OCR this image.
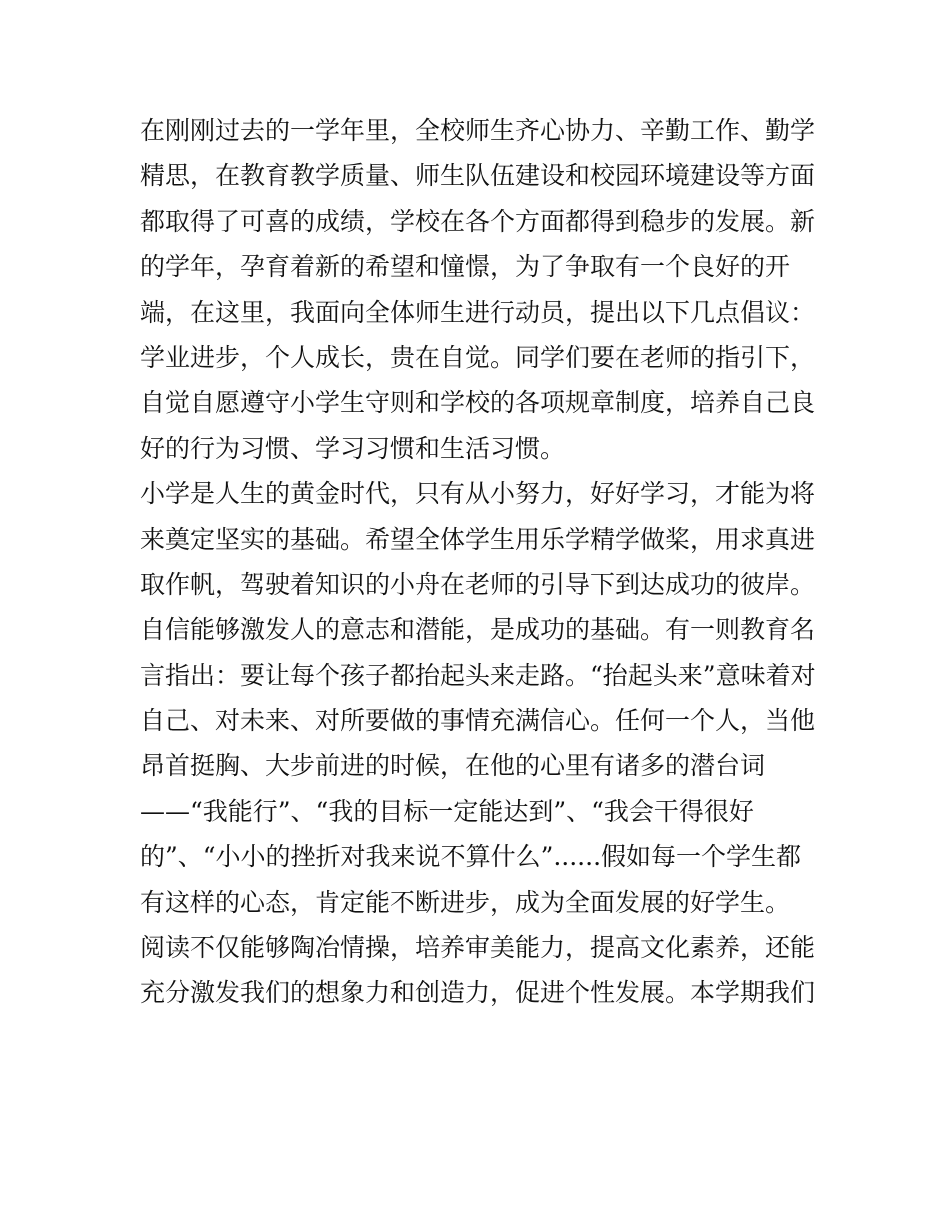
在刚刚过去的一学年里，全校师生齐心协力、辛勤工作、勤学
精思，在教育教学质量、师生队伍建设和校园环境建设等方面
都取得了可喜的成绩，学校在各个方面都得到稳步的发展。新
的学年，孕育着新的希望和憧憬，为了争取有一个良好的开
端，在这里，我面向全体师生进行动员，提出以下几点倡议：
学业进步，个人成长，贵在自觉。同学们要在老师的指引下，
自觉自愿遵守小学生守则和学校的各项规章制度，培养自己良
好的行为习惯、学习习惯和生活习惯。
小学是人生的黄金时代，只有从小努力，好好学习，才能为将
来奠定坚实的基础。希望全体学生用乐学精学做桨，用求真进
取作帆，驾驶着知识的小舟在老师的引导下到达成功的彼岸。
自信能够激发人的意志和潜能，是成功的基础。有一则教育名
言指出：要让每个孩子都抬起头来走路。“抬起头来”意味着对
自己、对未来、对所要做的事情充满信心。任何一个人，当他
昂首挺胸、大步前进的时候，在他的心里有诸多的潜台词
——“我能行”、“我的目标一定能达到”、“我会干得很好
的”、“小小的挫折对我来说不算什么”......假如每一个学生都
有这样的心态，肯定能不断进步，成为全面发展的好学生。
阅读不仅能够陶冶情操，培养审美能力，提高文化素养，还能
充分激发我们的想象力和创造力，促进个性发展。本学期我们
